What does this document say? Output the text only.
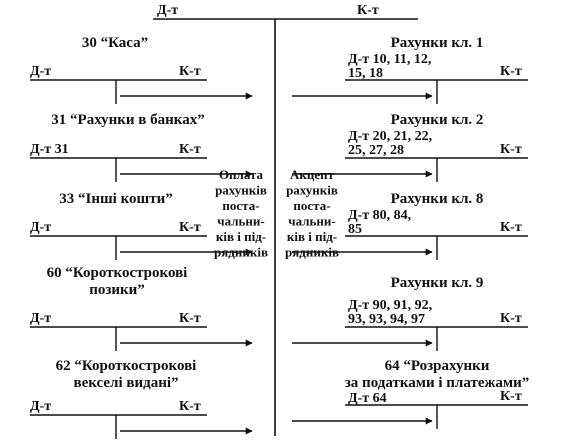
Д-т	К-т
30 “Каса”
Д-т	К-т
31 “Рахунки в банках”
Д-т 31	К-т
33 “Інші кошти”
Д-т	К-т
60 “Короткострокові позики”
Д-т	К-т
62 “Короткострокові векселі видані”
Д-т	К-т
Рахунки кл. 1
Д-т 10, 11, 12, 15, 18	К-т
Рахунки кл. 2
Д-т 20, 21, 22, 25, 27, 28	К-т
Рахунки кл. 8
Д-т 80, 84, 85	К-т
Рахунки кл. 9
Д-т 90, 91, 92, 93, 93, 94, 97	К-т
64 “Розрахунки за податками і платежами”
Д-т 64	К-т
Оплата рахунків поста-чальни-ків і під-рядників
Акцепт рахунків поста-чальни-ків і під-рядників
